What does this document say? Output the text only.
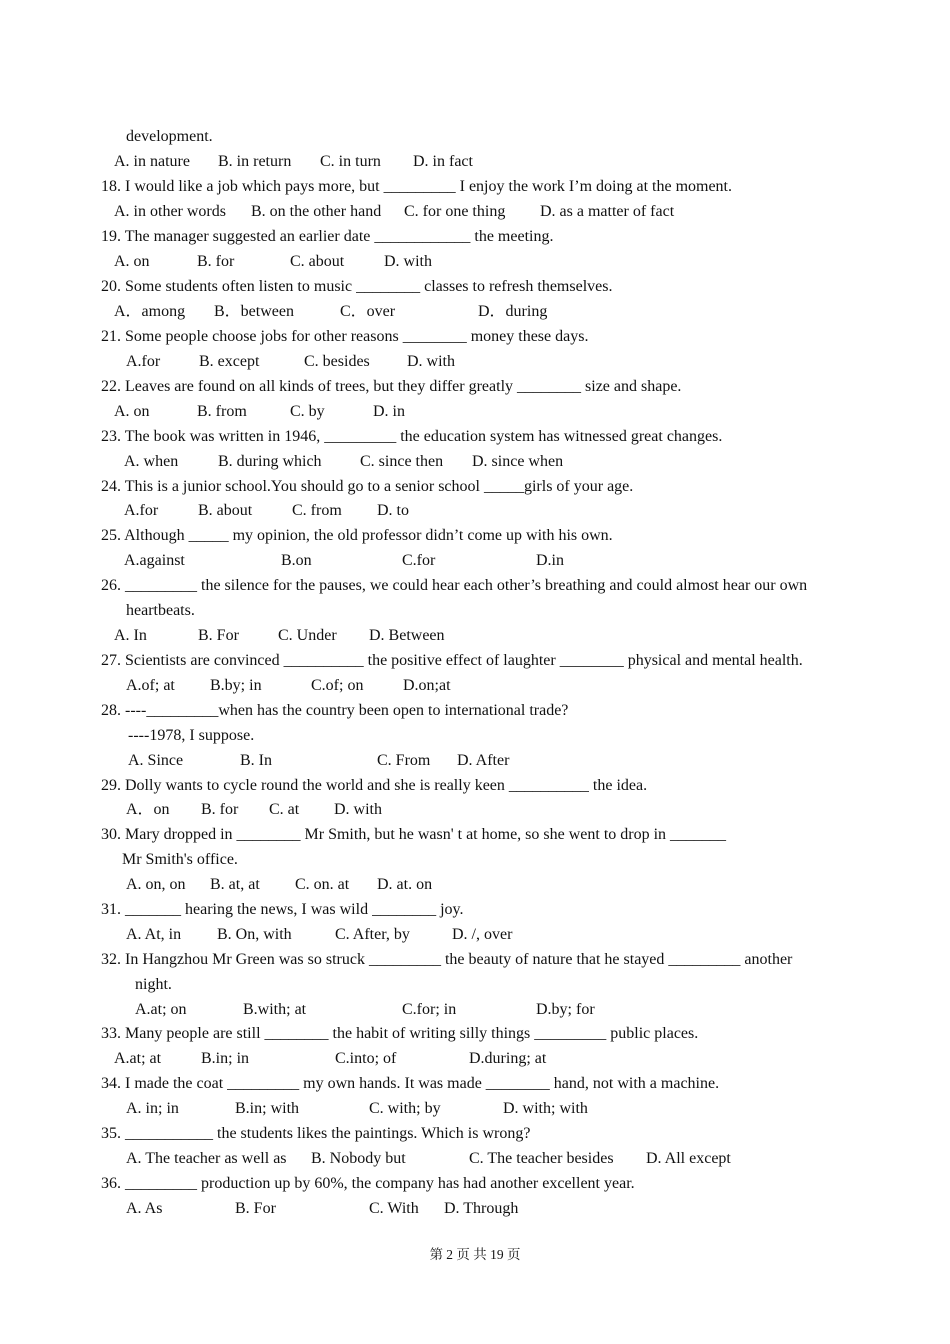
development.
A. in nature B. in return C. in turn D. in fact
18. I would like a job which pays more, but _________ I enjoy the work I’m doing at the moment.
A. in other words B. on the other hand C. for one thing D. as a matter of fact
19. The manager suggested an earlier date ____________ the meeting.
A. on	B. for	C. about D. with
20. Some students often listen to music ________ classes to refresh themselves.
A．among B．between	C．over	D．during
21. Some people choose jobs for other reasons ________ money these days.
A.for B. except	C. besides D. with
22. Leaves are found on all kinds of trees, but they differ greatly ________ size and shape.
A. on	B. from	C. by	D. in
23. The book was written in 1946, _________ the education system has witnessed great changes.
A. when B. during which C. since then D. since when
24. This is a junior school.You should go to a senior school _____girls of your age.
A.for B. about C. from D. to
25. Although _____ my opinion, the old professor didn’t come up with his own.
A.against	B.on	C.for	D.in
26. _________ the silence for the pauses, we could hear each other’s breathing and could almost hear our own
heartbeats.
A. In	B. For C. Under D. Between
27. Scientists are convinced __________ the positive effect of laughter ________ physical and mental health.
A.of; at B.by; in	C.of; on D.on;at
28. ----_________when has the country been open to international trade?
----1978, I suppose.
A. Since	B. In	C. From D. After
29. Dolly wants to cycle round the world and she is really keen __________ the idea.
A．on B. for C. at D. with
30. Mary dropped in ________ Mr Smith, but he wasn' t at home, so she went to drop in _______
Mr Smith's office.
A. on, on B. at, at C. on. at D. at. on
31. _______ hearing the news, I was wild ________ joy.
A. At, in B. On, with	C. After, by	D. /, over
32. In Hangzhou Mr Green was so struck _________ the beauty of nature that he stayed _________ another
night.
A.at; on	B.with; at	C.for; in	D.by; for
33. Many people are still ________ the habit of writing silly things _________ public places.
A.at; at B.in; in	C.into; of	D.during; at
34. I made the coat _________ my own hands. It was made ________ hand, not with a machine.
A. in; in	B.in; with	C. with; by	D. with; with
35. ___________ the students likes the paintings. Which is wrong?
A. The teacher as well as B. Nobody but	C. The teacher besides D. All except
36. _________ production up by 60%, the company has had another excellent year.
A. As	B. For	C. With D. Through
第 2 页 共 19 页
